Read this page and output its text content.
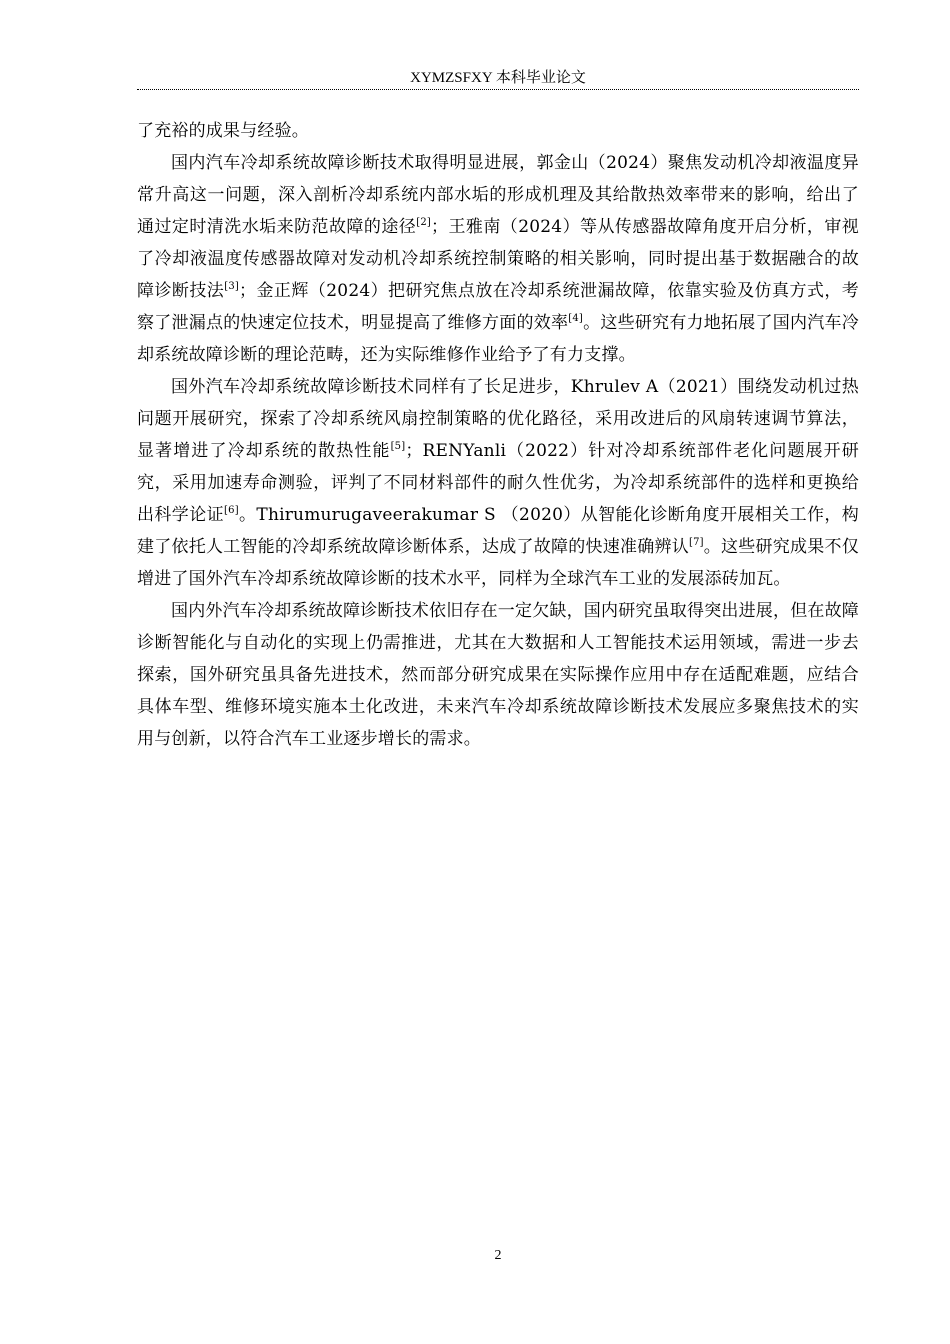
XYMZSFXY 本科毕业论文

了充裕的成果与经验。

国内汽车冷却系统故障诊断技术取得明显进展，郭金山（2024）聚焦发动机冷却液温度异常升高这一问题，深入剖析冷却系统内部水垢的形成机理及其给散热效率带来的影响，给出了通过定时清洗水垢来防范故障的途径[2]；王雅南（2024）等从传感器故障角度开启分析，审视了冷却液温度传感器故障对发动机冷却系统控制策略的相关影响，同时提出基于数据融合的故障诊断技法[3]；金正辉（2024）把研究焦点放在冷却系统泄漏故障，依靠实验及仿真方式，考察了泄漏点的快速定位技术，明显提高了维修方面的效率[4]。这些研究有力地拓展了国内汽车冷却系统故障诊断的理论范畴，还为实际维修作业给予了有力支撑。

国外汽车冷却系统故障诊断技术同样有了长足进步，Khrulev A（2021）围绕发动机过热问题开展研究，探索了冷却系统风扇控制策略的优化路径，采用改进后的风扇转速调节算法，显著增进了冷却系统的散热性能[5]；RENYanli（2022）针对冷却系统部件老化问题展开研究，采用加速寿命测验，评判了不同材料部件的耐久性优劣，为冷却系统部件的选样和更换给出科学论证[6]。Thirumurugaveerakumar S （2020）从智能化诊断角度开展相关工作，构建了依托人工智能的冷却系统故障诊断体系，达成了故障的快速准确辨认[7]。这些研究成果不仅增进了国外汽车冷却系统故障诊断的技术水平，同样为全球汽车工业的发展添砖加瓦。

国内外汽车冷却系统故障诊断技术依旧存在一定欠缺，国内研究虽取得突出进展，但在故障诊断智能化与自动化的实现上仍需推进，尤其在大数据和人工智能技术运用领域，需进一步去探索，国外研究虽具备先进技术，然而部分研究成果在实际操作应用中存在适配难题，应结合具体车型、维修环境实施本土化改进，未来汽车冷却系统故障诊断技术发展应多聚焦技术的实用与创新，以符合汽车工业逐步增长的需求。

2
